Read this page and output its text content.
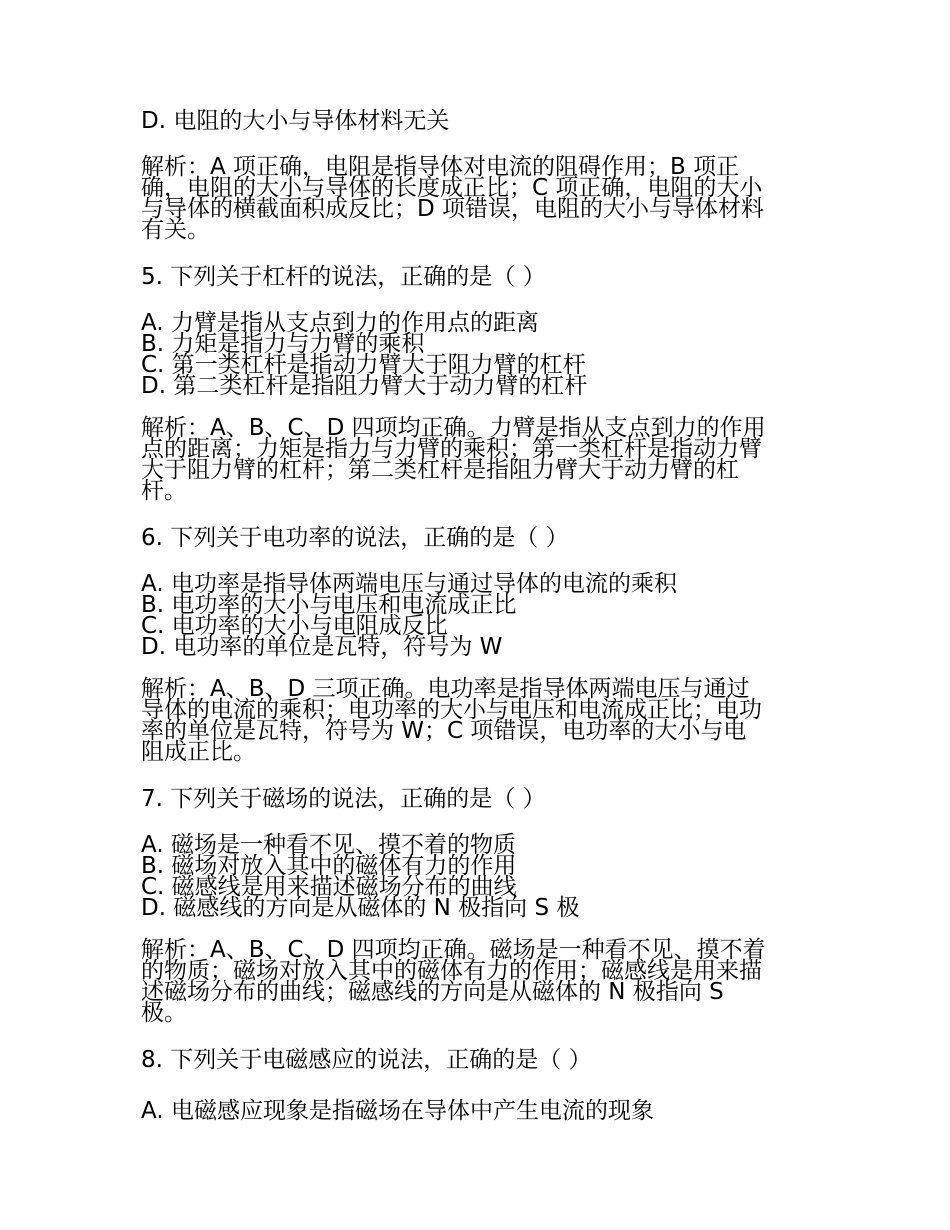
D. 电阻的大小与导体材料无关
解析：A 项正确，电阻是指导体对电流的阻碍作用；B 项正
确，电阻的大小与导体的长度成正比；C 项正确，电阻的大小
与导体的横截面积成反比；D 项错误，电阻的大小与导体材料
有关。
5. 下列关于杠杆的说法，正确的是（ ）
A. 力臂是指从支点到力的作用点的距离
B. 力矩是指力与力臂的乘积
C. 第一类杠杆是指动力臂大于阻力臂的杠杆
D. 第二类杠杆是指阻力臂大于动力臂的杠杆
解析：A、B、C、D 四项均正确。力臂是指从支点到力的作用
点的距离；力矩是指力与力臂的乘积；第一类杠杆是指动力臂
大于阻力臂的杠杆；第二类杠杆是指阻力臂大于动力臂的杠
杆。
6. 下列关于电功率的说法，正确的是（ ）
A. 电功率是指导体两端电压与通过导体的电流的乘积
B. 电功率的大小与电压和电流成正比
C. 电功率的大小与电阻成反比
D. 电功率的单位是瓦特，符号为 W
解析：A、B、D 三项正确。电功率是指导体两端电压与通过
导体的电流的乘积；电功率的大小与电压和电流成正比；电功
率的单位是瓦特，符号为 W；C 项错误，电功率的大小与电
阻成正比。
7. 下列关于磁场的说法，正确的是（ ）
A. 磁场是一种看不见、摸不着的物质
B. 磁场对放入其中的磁体有力的作用
C. 磁感线是用来描述磁场分布的曲线
D. 磁感线的方向是从磁体的 N 极指向 S 极
解析：A、B、C、D 四项均正确。磁场是一种看不见、摸不着
的物质；磁场对放入其中的磁体有力的作用；磁感线是用来描
述磁场分布的曲线；磁感线的方向是从磁体的 N 极指向 S
极。
8. 下列关于电磁感应的说法，正确的是（ ）
A. 电磁感应现象是指磁场在导体中产生电流的现象
